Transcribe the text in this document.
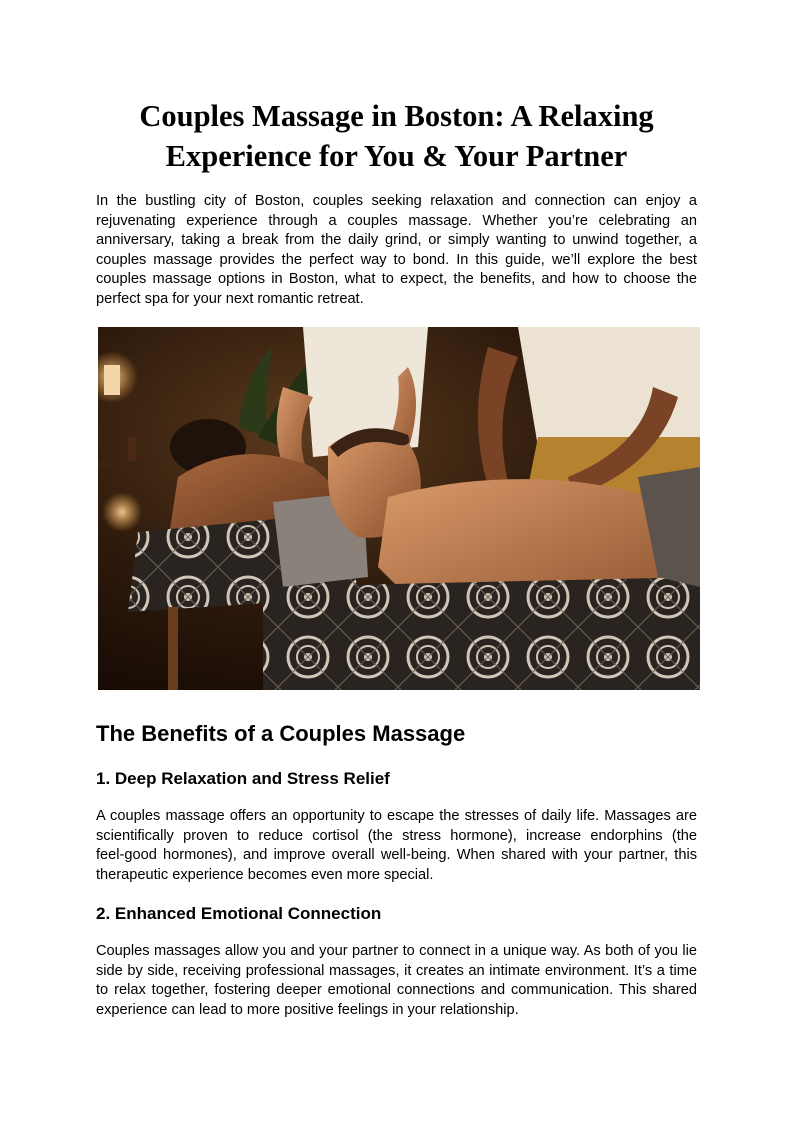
Couples Massage in Boston: A Relaxing
Experience for You & Your Partner

In the bustling city of Boston, couples seeking relaxation and connection can enjoy a
rejuvenating experience through a couples massage. Whether you’re celebrating an
anniversary, taking a break from the daily grind, or simply wanting to unwind together, a
couples massage provides the perfect way to bond. In this guide, we’ll explore the best
couples massage options in Boston, what to expect, the benefits, and how to choose the
perfect spa for your next romantic retreat.

The Benefits of a Couples Massage
1. Deep Relaxation and Stress Relief

A couples massage offers an opportunity to escape the stresses of daily life. Massages are
scientifically proven to reduce cortisol (the stress hormone), increase endorphins (the
feel-good hormones), and improve overall well-being. When shared with your partner, this
therapeutic experience becomes even more special.

2. Enhanced Emotional Connection

Couples massages allow you and your partner to connect in a unique way. As both of you lie
side by side, receiving professional massages, it creates an intimate environment. It’s a time
to relax together, fostering deeper emotional connections and communication. This shared
experience can lead to more positive feelings in your relationship.
